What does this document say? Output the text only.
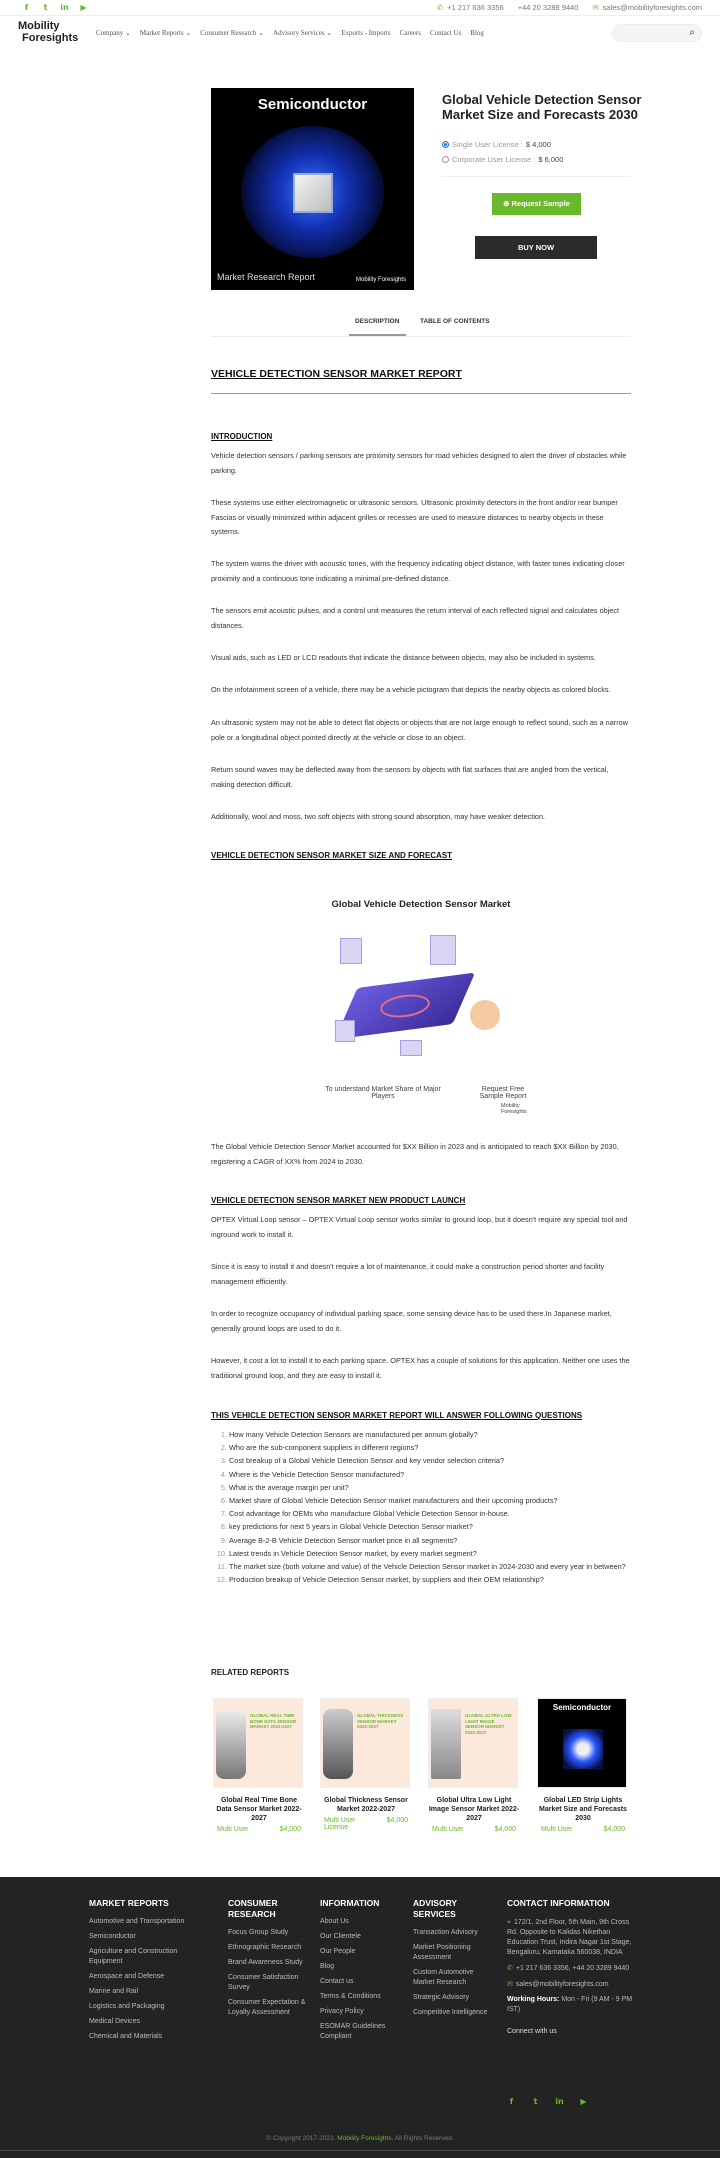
f	t	in ▶	✆ +1 217 636 3356 +44 20 3289 9440 ✉ sales@mobilityforesights.com
Mobility
Foresights	Company ⌄ Market Reports ⌄ Consumer Research ⌄ Advisory Services ⌄ Exports - Imports Careers Contact Us Blog	⌕
Semiconductor
Market Research Report	Mobility Foresights
Global Vehicle Detection Sensor Market Size and Forecasts 2030
Single User License : $ 4,000
Corporate User License : $ 6,000
⊕ Request Sample
BUY NOW
DESCRIPTION	TABLE OF CONTENTS
VEHICLE DETECTION SENSOR MARKET REPORT
INTRODUCTION
Vehicle detection sensors / parking sensors are proximity sensors for road vehicles designed to alert the driver of obstacles while parking.
These systems use either electromagnetic or ultrasonic sensors. Ultrasonic proximity detectors in the front and/or rear bumper Fascias or visually minimized within adjacent grilles or recesses are used to measure distances to nearby objects in these systems.
The system warns the driver with acoustic tones, with the frequency indicating object distance, with faster tones indicating closer proximity and a continuous tone indicating a minimal pre-defined distance.
The sensors emit acoustic pulses, and a control unit measures the return interval of each reflected signal and calculates object distances.
Visual aids, such as LED or LCD readouts that indicate the distance between objects, may also be included in systems.
On the infotainment screen of a vehicle, there may be a vehicle pictogram that depicts the nearby objects as colored blocks.
An ultrasonic system may not be able to detect flat objects or objects that are not large enough to reflect sound, such as a narrow pole or a longitudinal object pointed directly at the vehicle or close to an object.
Return sound waves may be deflected away from the sensors by objects with flat surfaces that are angled from the vertical, making detection difficult.
Additionally, wool and moss, two soft objects with strong sound absorption, may have weaker detection.
VEHICLE DETECTION SENSOR MARKET SIZE AND FORECAST
Global Vehicle Detection Sensor Market
To understand Market Share of Major Players
Request Free Sample Report
Mobility Foresights
The Global Vehicle Detection Sensor Market accounted for $XX Billion in 2023 and is anticipated to reach $XX Billion by 2030, registering a CAGR of XX% from 2024 to 2030.
VEHICLE DETECTION SENSOR MARKET NEW PRODUCT LAUNCH
OPTEX Virtual Loop sensor – OPTEX Virtual Loop sensor works similar to ground loop, but it doesn't require any special tool and inground work to install it.
Since it is easy to install it and doesn't require a lot of maintenance, it could make a construction period shorter and facility management efficiently.
In order to recognize occupancy of individual parking space, some sensing device has to be used there.In Japanese market, generally ground loops are used to do it.
However, it cost a lot to install it to each parking space. OPTEX has a couple of solutions for this application. Neither one uses the traditional ground loop, and they are easy to install it.
THIS VEHICLE DETECTION SENSOR MARKET REPORT WILL ANSWER FOLLOWING QUESTIONS
1. How many Vehicle Detection Sensors are manufactured per annum globally?
2. Who are the sub-component suppliers in different regions?
3. Cost breakup of a Global Vehicle Detection Sensor and key vendor selection criteria?
4. Where is the Vehicle Detection Sensor manufactured?
5. What is the average margin per unit?
6. Market share of Global Vehicle Detection Sensor market manufacturers and their upcoming products?
7. Cost advantage for OEMs who manufacture Global Vehicle Detection Sensor in-house.
8. key predictions for next 5 years in Global Vehicle Detection Sensor market?
9. Average B-2-B Vehicle Detection Sensor market price in all segments?
10. Latest trends in Vehicle Detection Sensor market, by every market segment?
11. The market size (both volume and value) of the Vehicle Detection Sensor market in 2024-2030 and every year in between?
12. Production breakup of Vehicle Detection Sensor market, by suppliers and their OEM relationship?
RELATED REPORTS
GLOBAL REAL TIME BONE DATA SENSOR MARKET 2022-2027
Global Real Time Bone Data Sensor Market 2022-2027
Multi User	$4,000
GLOBAL THICKNESS SENSOR MARKET 2022-2027
Global Thickness Sensor Market 2022-2027
Multi User License
$4,000
GLOBAL ULTRA LOW LIGHT IMAGE SENSOR MARKET 2022-2027
Global Ultra Low Light Image Sensor Market 2022-2027
Multi User	$4,000
Semiconductor
Global LED Strip Lights Market Size and Forecasts 2030
Multi User	$4,000
MARKET REPORTS
Automotive and Transportation
Semiconductor
Agriculture and Construction Equipment
Aerospace and Defense
Marine and Rail
Logistics and Packaging
Medical Devices
Chemical and Materials
CONSUMER RESEARCH
Focus Group Study
Ethnographic Research
Brand Awareness Study
Consumer Satisfaction Survey
Consumer Expectation & Loyalty Assessment
INFORMATION
About Us
Our Clientele
Our People
Blog
Contact us
Terms & Conditions
Privacy Policy
ESOMAR Guidelines Compliant
ADVISORY SERVICES
Transaction Advisory
Market Positioning Assessment
Custom Automotive Market Research
Strategic Advisory
Competitive Intelligence
CONTACT INFORMATION
⌖ 172/1, 2nd Floor, 5th Main, 9th Cross Rd. Opposite to Kalidas Nikethan Education Trust, Indira Nagar 1st Stage, Bengaluru, Karnataka 560038, INDIA
✆ +1 217 636 3356, +44 20 3289 9440
✉ sales@mobilityforesights.com
Working Hours: Mon - Fri (9 AM - 9 PM IST)
Connect with us
f	t	in ▶
© Copyright 2017-2023. Mobility Foresights. All Rights Reserved.
